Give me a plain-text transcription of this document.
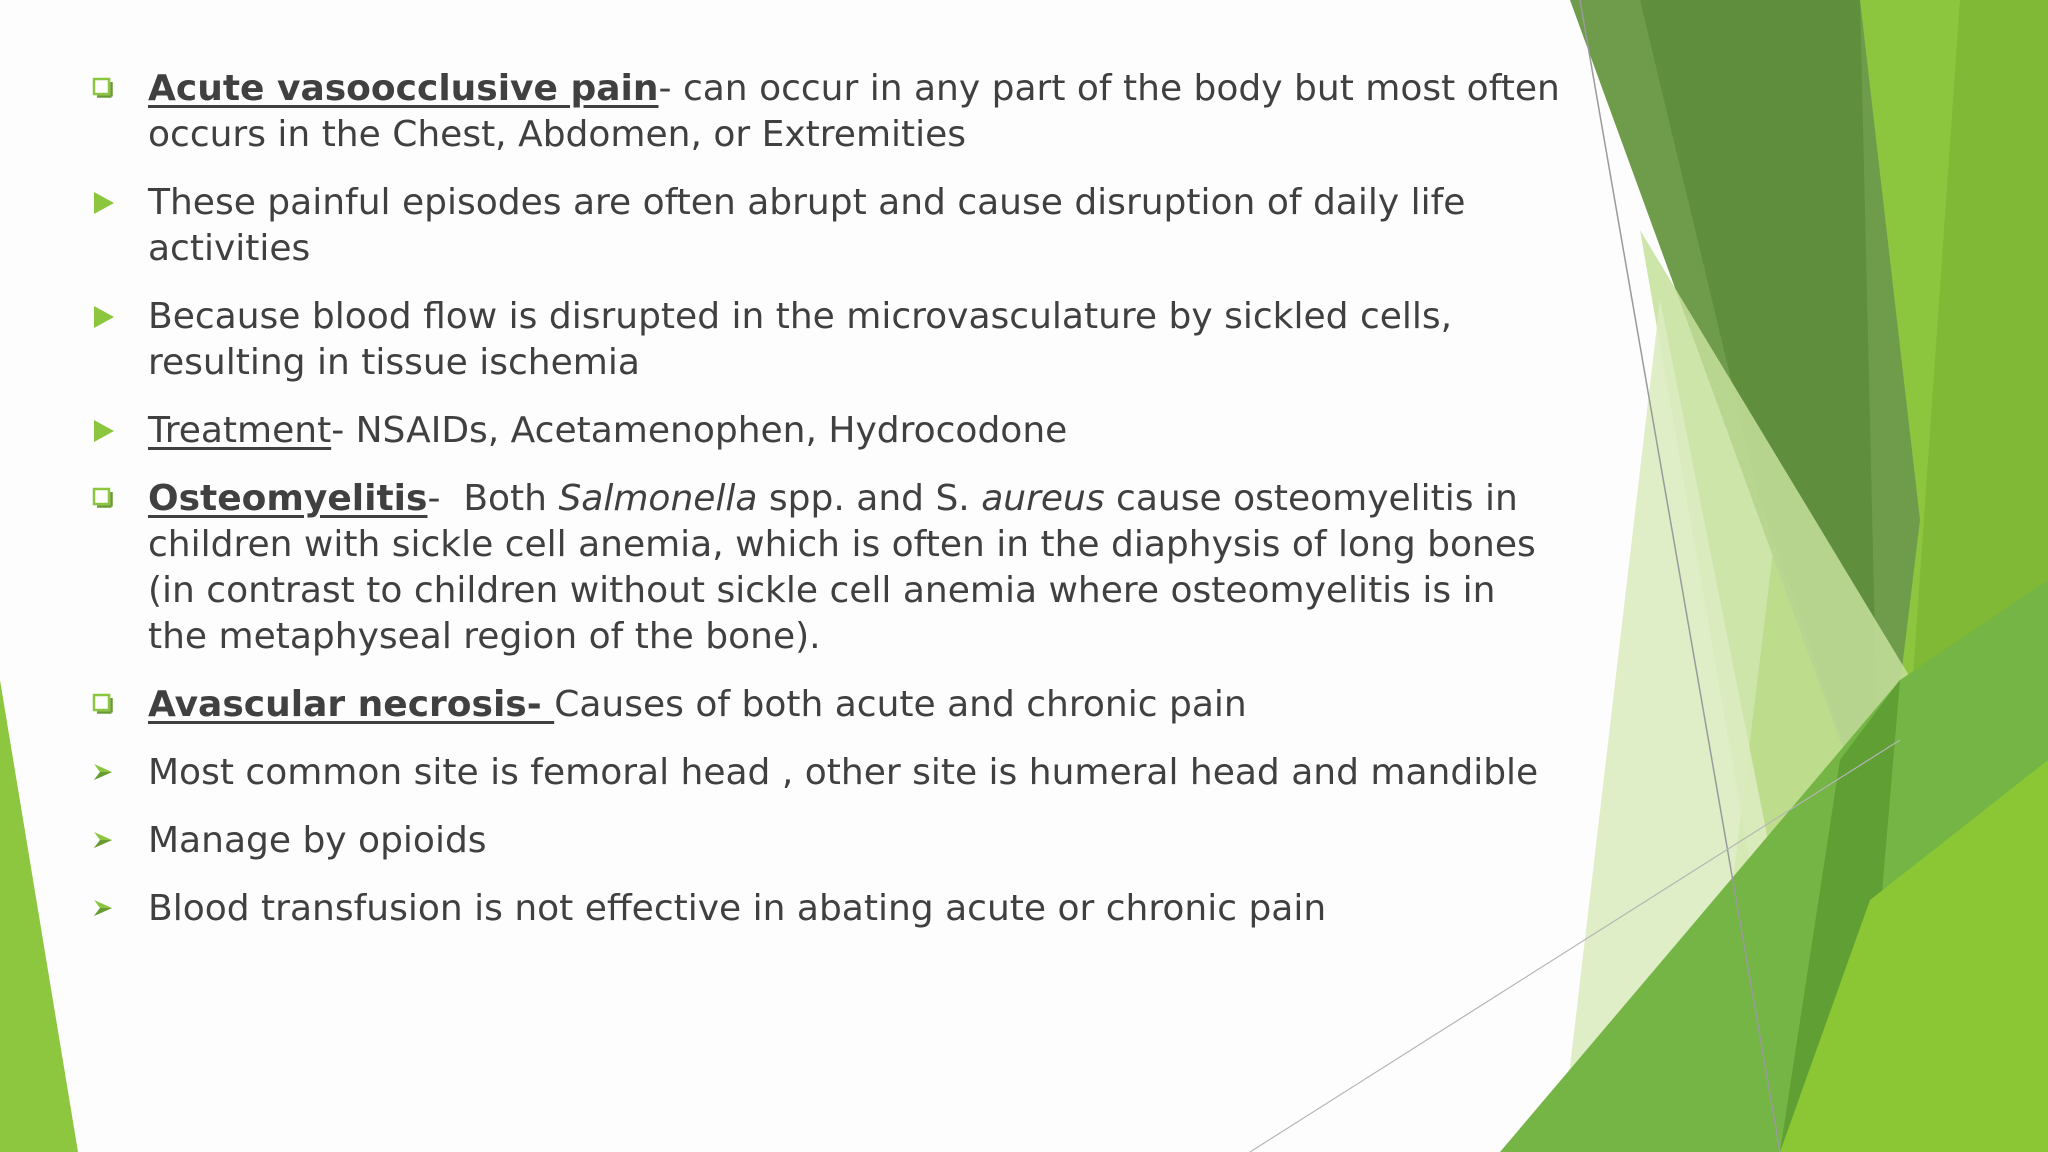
Acute vasoocclusive pain- can occur in any part of the body but most often occurs in the Chest, Abdomen, or Extremities
These painful episodes are often abrupt and cause disruption of daily life activities
Because blood flow is disrupted in the microvasculature by sickled cells, resulting in tissue ischemia
Treatment- NSAIDs, Acetamenophen, Hydrocodone
Osteomyelitis-  Both Salmonella spp. and S. aureus cause osteomyelitis in children with sickle cell anemia, which is often in the diaphysis of long bones (in contrast to children without sickle cell anemia where osteomyelitis is in the metaphyseal region of the bone).
Avascular necrosis- Causes of both acute and chronic pain
Most common site is femoral head , other site is humeral head and mandible
Manage by opioids
Blood transfusion is not effective in abating acute or chronic pain
